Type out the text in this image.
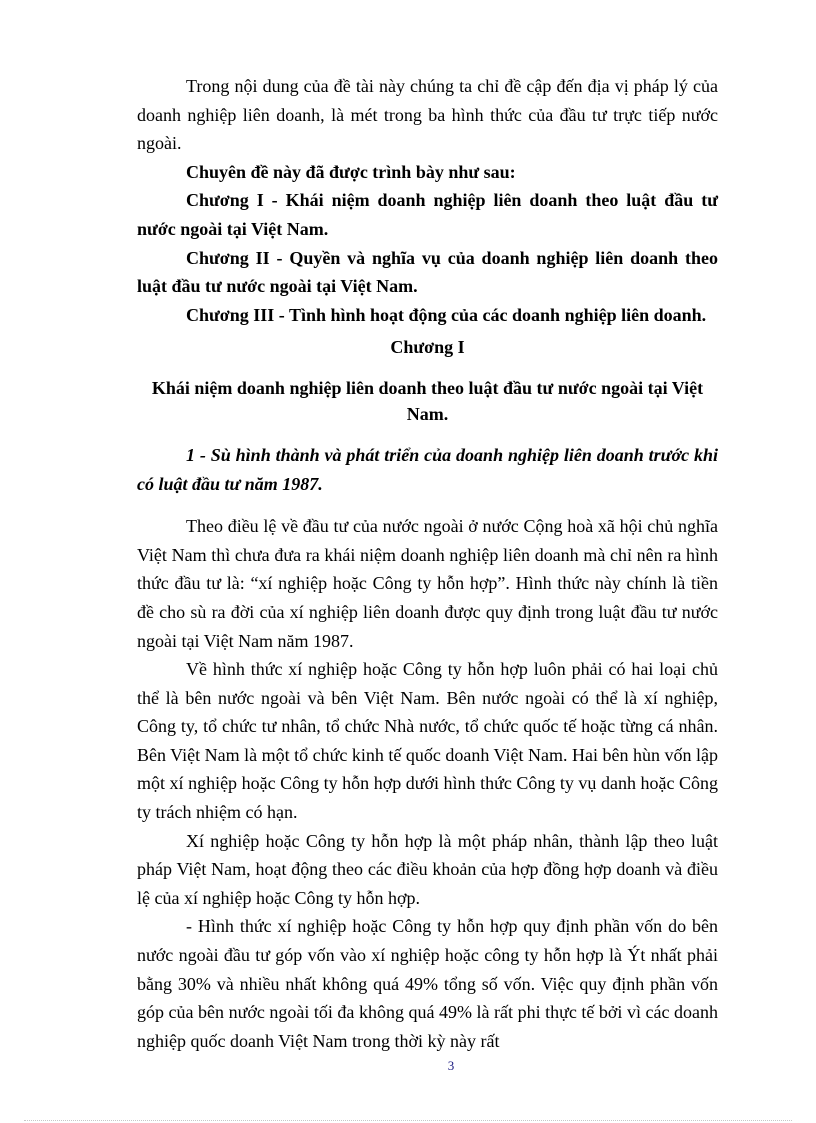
Trong nội dung của đề tài này chúng ta chỉ đề cập đến địa vị pháp lý của doanh nghiệp liên doanh, là mét trong ba hình thức của đầu tư trực tiếp nước ngoài.

Chuyên đề này đã được trình bày như sau:

Chương I - Khái niệm doanh nghiệp liên doanh theo luật đầu tư nước ngoài tại Việt Nam.

Chương II - Quyền và nghĩa vụ của doanh nghiệp liên doanh theo luật đầu tư nước ngoài tại Việt Nam.

Chương III - Tình hình hoạt động của các doanh nghiệp liên doanh.

Chương I

Khái niệm doanh nghiệp liên doanh theo luật đầu tư nước ngoài tại Việt Nam.

1 - Sù hình thành và phát triển của doanh nghiệp liên doanh trước khi có luật đầu tư năm 1987.

Theo điều lệ về đầu tư của nước ngoài ở nước Cộng hoà xã hội chủ nghĩa Việt Nam thì chưa đưa ra khái niệm doanh nghiệp liên doanh mà chỉ nên ra hình thức đầu tư là: “xí nghiệp hoặc Công ty hỗn hợp”. Hình thức này chính là tiền đề cho sù ra đời của xí nghiệp liên doanh được quy định trong luật đầu tư nước ngoài tại Việt Nam năm 1987.

Về hình thức xí nghiệp hoặc Công ty hỗn hợp luôn phải có hai loại chủ thể là bên nước ngoài và bên Việt Nam. Bên nước ngoài có thể là xí nghiệp, Công ty, tổ chức tư nhân, tổ chức Nhà nước, tổ chức quốc tế hoặc từng cá nhân. Bên Việt Nam là một tổ chức kinh tế quốc doanh Việt Nam. Hai bên hùn vốn lập một xí nghiệp hoặc Công ty hỗn hợp dưới hình thức Công ty vụ danh hoặc Công ty trách nhiệm có hạn.

Xí nghiệp hoặc Công ty hỗn hợp là một pháp nhân, thành lập theo luật pháp Việt Nam, hoạt động theo các điều khoản của hợp đồng hợp doanh và điều lệ của xí nghiệp hoặc Công ty hỗn hợp.

- Hình thức xí nghiệp hoặc Công ty hỗn hợp quy định phần vốn do bên nước ngoài đầu tư góp vốn vào xí nghiệp hoặc công ty hỗn hợp là Ýt nhất phải bằng 30% và nhiều nhất không quá 49% tổng số vốn. Việc quy định phần vốn góp của bên nước ngoài tối đa không quá 49% là rất phi thực tế bởi vì các doanh nghiệp quốc doanh Việt Nam trong thời kỳ này rất

3
